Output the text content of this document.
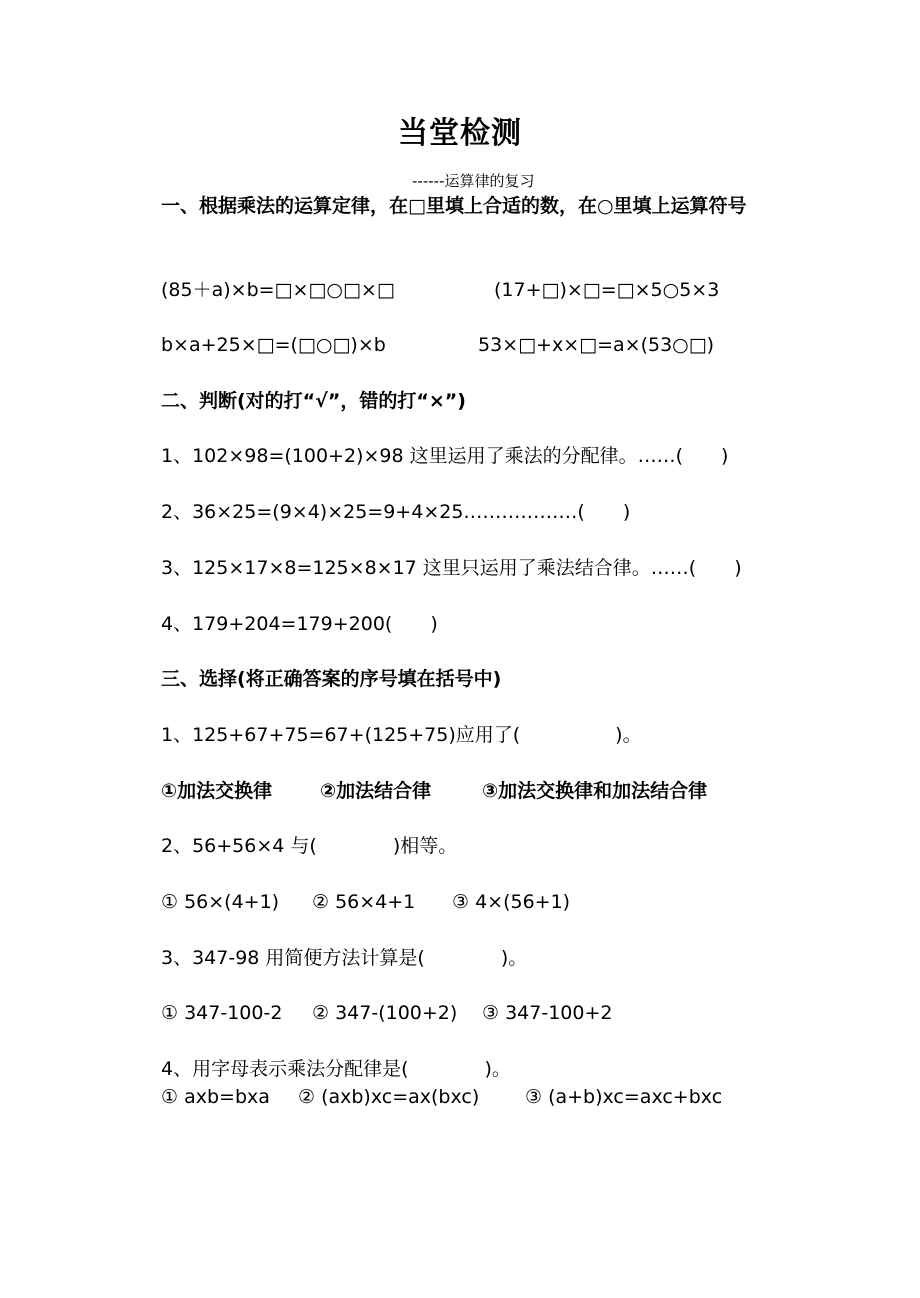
当堂检测
------运算律的复习
一、根据乘法的运算定律，在□里填上合适的数，在○里填上运算符号
(85＋a)×b=□×□○□×□	(17+□)×□=□×5○5×3
b×a+25×□=(□○□)×b	53×□+x×□=a×(53○□)
二、判断(对的打“√”，错的打“×”)
1、102×98=(100+2)×98 这里运用了乘法的分配律。……(　　)
2、36×25=(9×4)×25=9+4×25………………(　　)
3、125×17×8=125×8×17 这里只运用了乘法结合律。……(　　)
4、179+204=179+200(　　)
三、选择(将正确答案的序号填在括号中)
1、125+67+75=67+(125+75)应用了(　　　　　)。
①加法交换律	②加法结合律	③加法交换律和加法结合律
2、56+56×4 与(　　　　)相等。
① 56×(4+1) ② 56×4+1 ③ 4×(56+1)
3、347-98 用简便方法计算是(　　　　)。
① 347-100-2 ② 347-(100+2) ③ 347-100+2
4、用字母表示乘法分配律是(　　　　)。
① axb=bxa ② (axb)xc=ax(bxc) ③ (a+b)xc=axc+bxc
